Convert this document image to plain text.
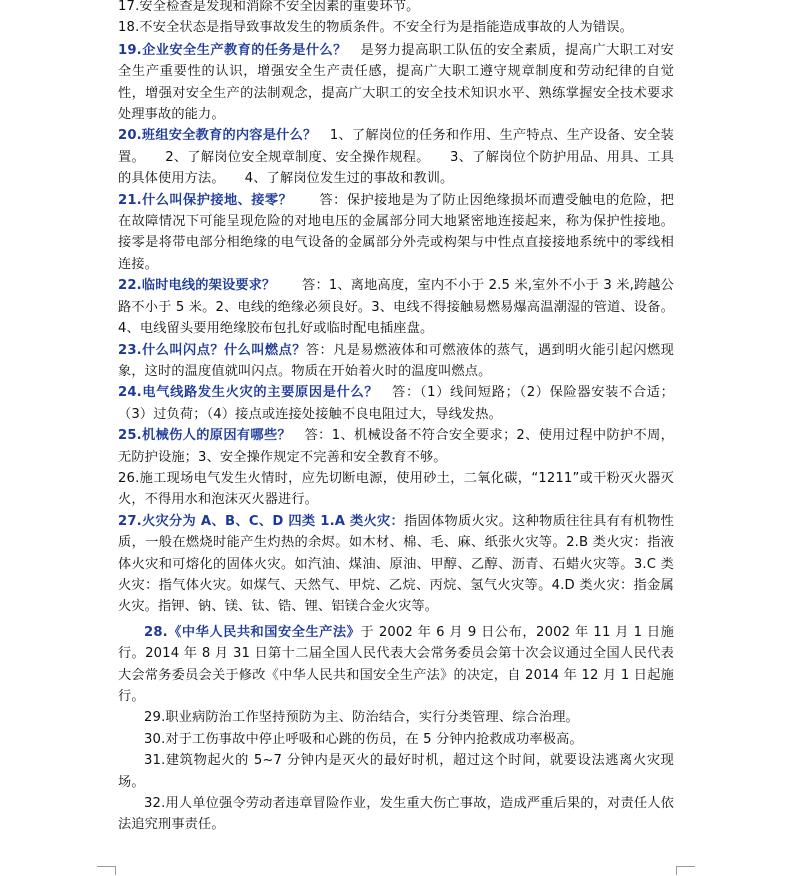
17.安全检查是发现和消除不安全因素的重要环节。

18.不安全状态是指导致事故发生的物质条件。不安全行为是指能造成事故的人为错误。

19.企业安全生产教育的任务是什么？　是努力提高职工队伍的安全素质，提高广大职工对安全生产重要性的认识，增强安全生产责任感，提高广大职工遵守规章制度和劳动纪律的自觉性，增强对安全生产的法制观念，提高广大职工的安全技术知识水平、熟练掌握安全技术要求处理事故的能力。

20.班组安全教育的内容是什么？　1、了解岗位的任务和作用、生产特点、生产设备、安全装置。　　2、了解岗位安全规章制度、安全操作规程。　　3、了解岗位个防护用品、用具、工具的具体使用方法。　　4、了解岗位发生过的事故和教训。

21.什么叫保护接地、接零？　　答：保护接地是为了防止因绝缘损坏而遭受触电的危险，把在故障情况下可能呈现危险的对地电压的金属部分同大地紧密地连接起来，称为保护性接地。接零是将带电部分相绝缘的电气设备的金属部分外壳或构架与中性点直接接地系统中的零线相连接。

22.临时电线的架设要求？　　答：1、离地高度，室内不小于 2.5 米,室外不小于 3 米,跨越公路不小于 5 米。2、电线的绝缘必须良好。3、电线不得接触易燃易爆高温潮湿的管道、设备。4、电线留头要用绝缘胶布包扎好或临时配电插座盘。

23.什么叫闪点？什么叫燃点？答：凡是易燃液体和可燃液体的蒸气，遇到明火能引起闪燃现象，这时的温度值就叫闪点。物质在开始着火时的温度叫燃点。

24.电气线路发生火灾的主要原因是什么？　答：（1）线间短路；（2）保险器安装不合适；（3）过负荷；（4）接点或连接处接触不良电阻过大，导线发热。

25.机械伤人的原因有哪些？　答：1、机械设备不符合安全要求；2、使用过程中防护不周，无防护设施；3、安全操作规定不完善和安全教育不够。

26.施工现场电气发生火情时，应先切断电源，使用砂土，二氧化碳，“1211”或干粉灭火器灭火，不得用水和泡沫灭火器进行。

27.火灾分为 A、B、C、D 四类 1.A 类火灾：指固体物质火灾。这种物质往往具有有机物性质，一般在燃烧时能产生灼热的余烬。如木材、棉、毛、麻、纸张火灾等。2.B 类火灾：指液体火灾和可熔化的固体火灾。如汽油、煤油、原油、甲醇、乙醇、沥青、石蜡火灾等。3.C 类火灾：指气体火灾。如煤气、天然气、甲烷、乙烷、丙烷、氢气火灾等。4.D 类火灾：指金属火灾。指钾、钠、镁、钛、锆、锂、铝镁合金火灾等。

28.《中华人民共和国安全生产法》于 2002 年 6 月 9 日公布，2002 年 11 月 1 日施行。2014 年 8 月 31 日第十二届全国人民代表大会常务委员会第十次会议通过全国人民代表大会常务委员会关于修改《中华人民共和国安全生产法》的决定，自 2014 年 12 月 1 日起施行。

29.职业病防治工作坚持预防为主、防治结合，实行分类管理、综合治理。

30.对于工伤事故中停止呼吸和心跳的伤员，在 5 分钟内抢救成功率极高。

31.建筑物起火的 5~7 分钟内是灭火的最好时机，超过这个时间，就要设法逃离火灾现场。

32.用人单位强令劳动者违章冒险作业，发生重大伤亡事故，造成严重后果的，对责任人依法追究刑事责任。
